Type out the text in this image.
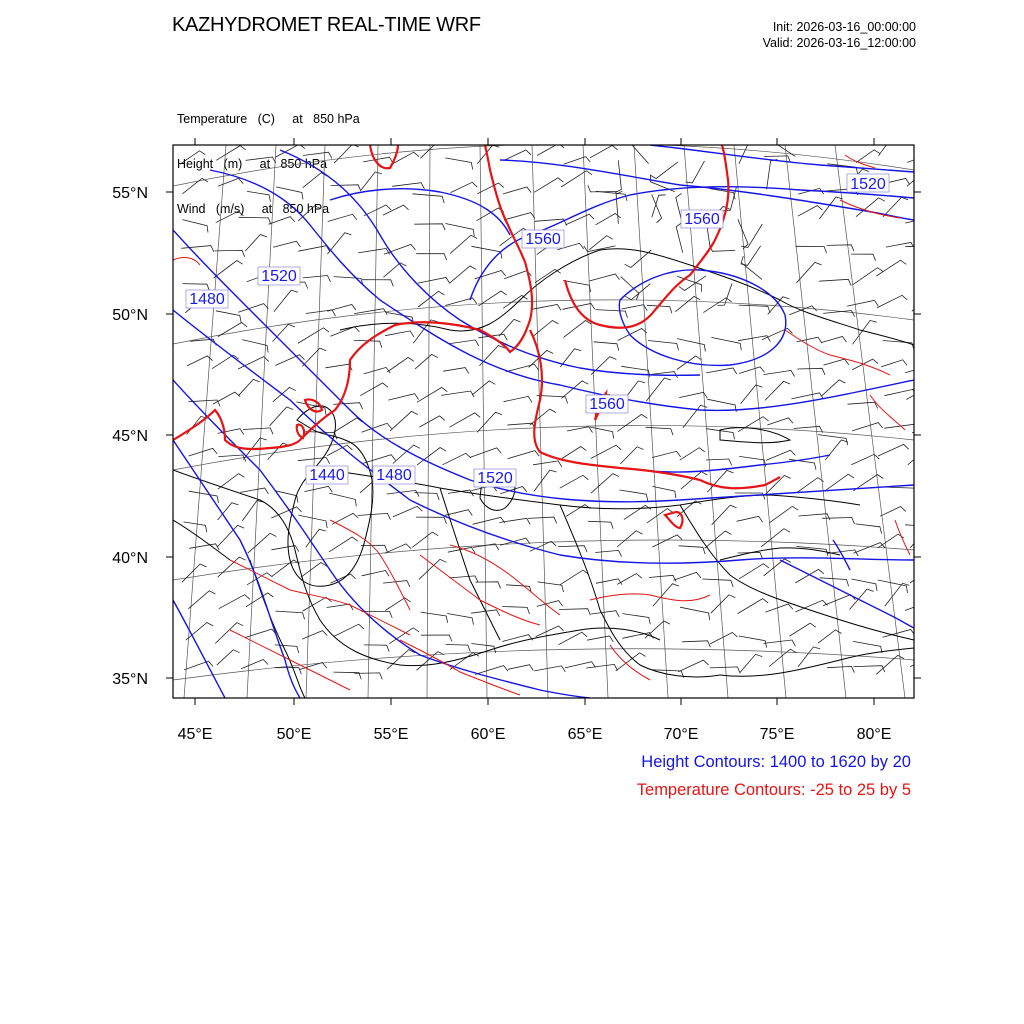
KAZHYDROMET REAL-TIME WRF	Init: 2026-03-16_00:00:00
Valid: 2026-03-16_12:00:00

Temperature   (C)     at   850 hPa

Height   (m)     at   850 hPa

Wind   (m/s)     at   850 hPa

1520
1480
1520
1560
1560
1560
1440 1480	1520
55°N
50°N
45°N
40°N
35°N
45°E	50°E	55°E	60°E	65°E	70°E	75°E	80°E
Height Contours: 1400 to 1620 by 20
Temperature Contours: -25 to 25 by 5
